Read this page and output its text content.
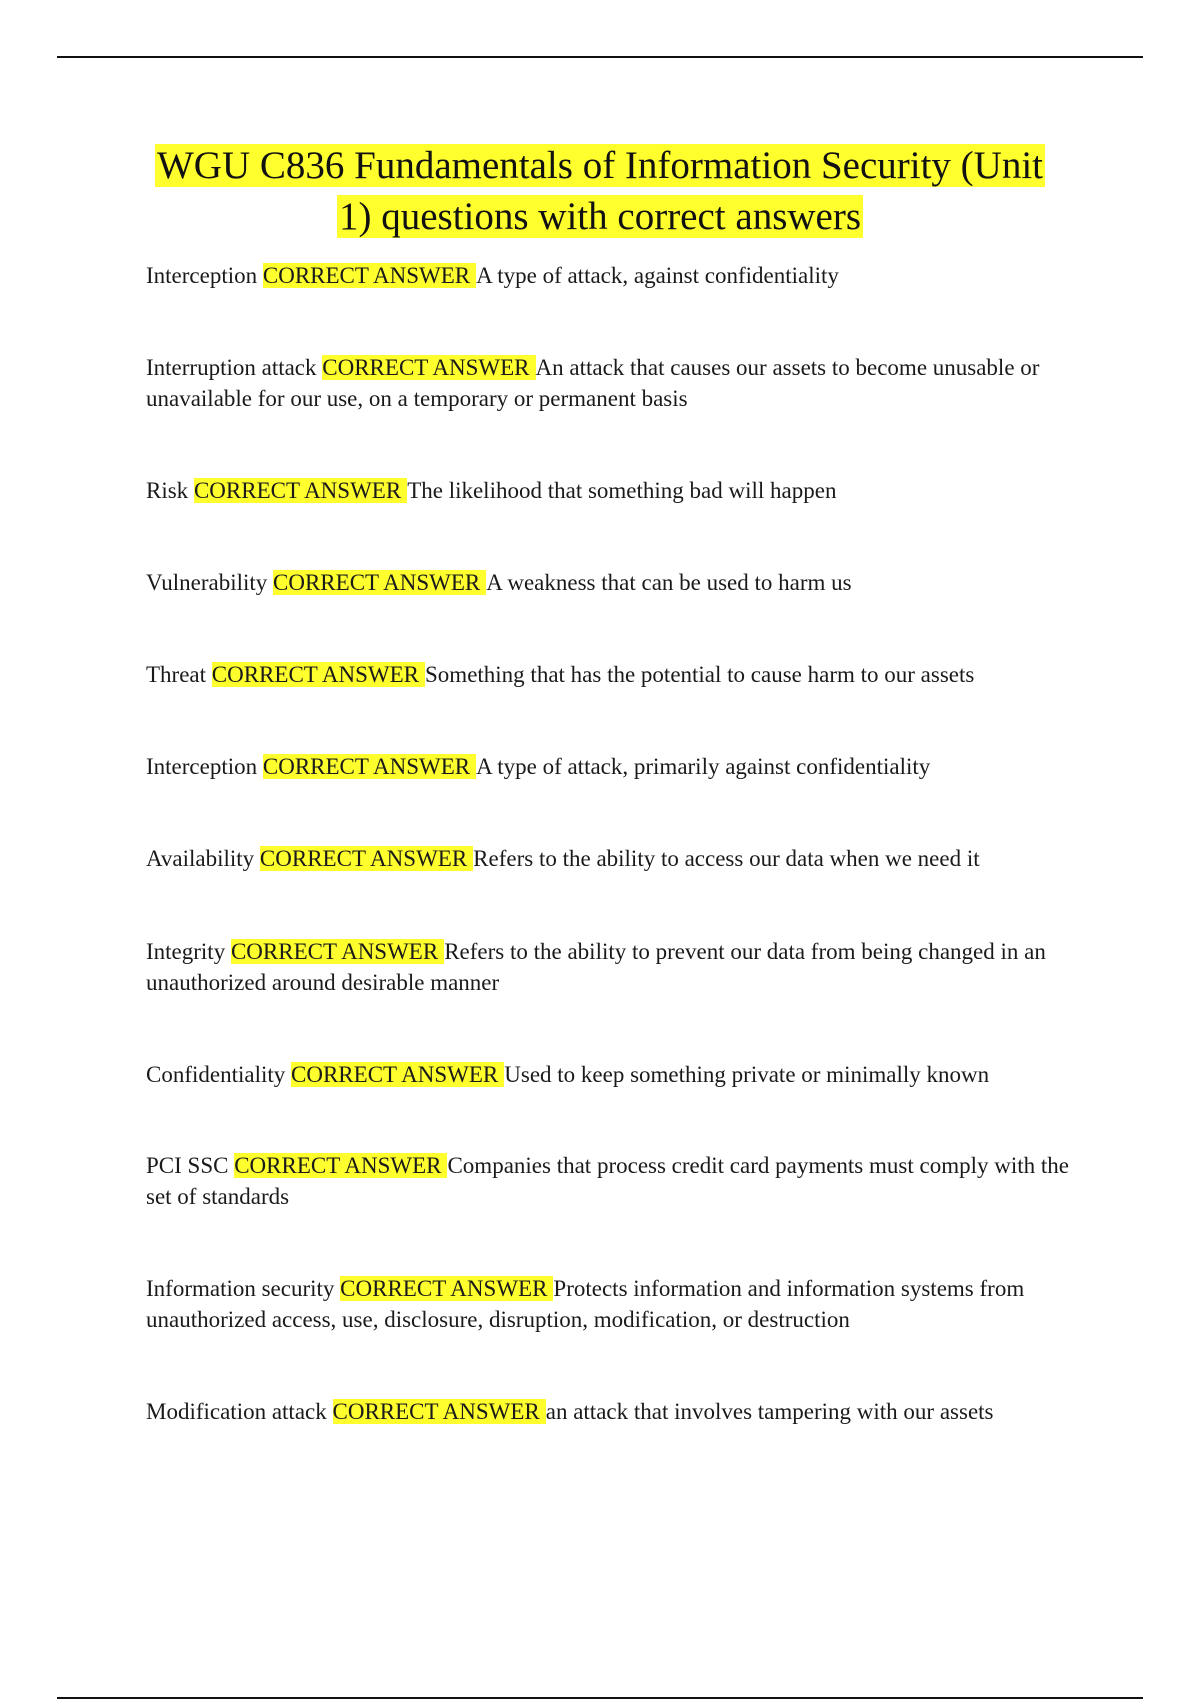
WGU C836 Fundamentals of Information Security (Unit
1) questions with correct answers
Interception CORRECT ANSWER A type of attack, against confidentiality
Interruption attack CORRECT ANSWER An attack that causes our assets to become unusable or unavailable for our use, on a temporary or permanent basis
Risk CORRECT ANSWER The likelihood that something bad will happen
Vulnerability CORRECT ANSWER A weakness that can be used to harm us
Threat CORRECT ANSWER Something that has the potential to cause harm to our assets
Interception CORRECT ANSWER A type of attack, primarily against confidentiality
Availability CORRECT ANSWER Refers to the ability to access our data when we need it
Integrity CORRECT ANSWER Refers to the ability to prevent our data from being changed in an unauthorized around desirable manner
Confidentiality CORRECT ANSWER Used to keep something private or minimally known
PCI SSC CORRECT ANSWER Companies that process credit card payments must comply with the set of standards
Information security CORRECT ANSWER Protects information and information systems from unauthorized access, use, disclosure, disruption, modification, or destruction
Modification attack CORRECT ANSWER an attack that involves tampering with our assets
